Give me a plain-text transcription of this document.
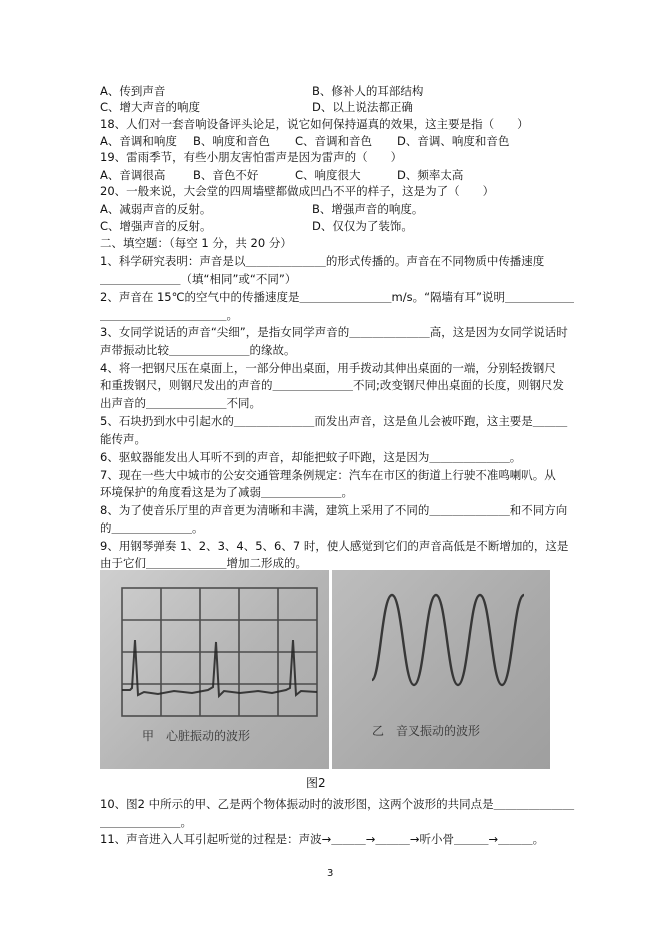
A、传到声音	B、修补人的耳部结构
C、增大声音的响度	D、以上说法都正确
18、人们对一套音响设备评头论足，说它如何保持逼真的效果，这主要是指（　　）
A、音调和响度 B、响度和音色 C、音调和音色 D、音调、响度和音色
19、雷雨季节，有些小朋友害怕雷声是因为雷声的（　　）
A、音调很高 B、音色不好	C、响度很大	D、频率太高
20、一般来说，大会堂的四周墙壁都做成凹凸不平的样子，这是为了（　　）
A、减弱声音的反射。	B、增强声音的响度。
C、增强声音的反射。	D、仅仅为了装饰。
二、填空题：（每空 1 分，共 20 分）
1、科学研究表明：声音是以＿＿＿＿＿＿＿的形式传播的。声音在不同物质中传播速度
＿＿＿＿＿＿＿（填“相同”或“不同”）
2、声音在 15℃的空气中的传播速度是＿＿＿＿＿＿＿＿m/s。“隔墙有耳”说明＿＿＿＿＿＿
＿＿＿＿＿＿＿＿＿＿＿。
3、女同学说话的声音“尖细”，是指女同学声音的＿＿＿＿＿＿＿高，这是因为女同学说话时
声带振动比较＿＿＿＿＿＿＿的缘故。
4、将一把钢尺压在桌面上，一部分伸出桌面，用手拨动其伸出桌面的一端，分别轻拨钢尺
和重拨钢尺，则钢尺发出的声音的＿＿＿＿＿＿＿不同;改变钢尺伸出桌面的长度，则钢尺发
出声音的＿＿＿＿＿＿＿不同。
5、石块扔到水中引起水的＿＿＿＿＿＿＿而发出声音，这是鱼儿会被吓跑，这主要是＿＿＿
能传声。
6、驱蚊器能发出人耳听不到的声音，却能把蚊子吓跑，这是因为＿＿＿＿＿＿＿。
7、现在一些大中城市的公安交通管理条例规定：汽车在市区的街道上行驶不准鸣喇叭。从
环境保护的角度看这是为了减弱＿＿＿＿＿＿＿。
8、为了使音乐厅里的声音更为清晰和丰满，建筑上采用了不同的＿＿＿＿＿＿＿和不同方向
的＿＿＿＿＿＿＿。
9、用钢琴弹奏 1、2、3、4、5、6、7 时，使人感觉到它们的声音高低是不断增加的，这是
由于它们＿＿＿＿＿＿＿增加二形成的。
甲　心脏振动的波形	乙　音叉振动的波形
图2
10、图2 中所示的甲、乙是两个物体振动时的波形图，这两个波形的共同点是＿＿＿＿＿＿＿
＿＿＿＿＿＿＿。
11、声音进入人耳引起听觉的过程是：声波→＿＿＿→＿＿＿→听小骨＿＿＿→＿＿＿。
3
